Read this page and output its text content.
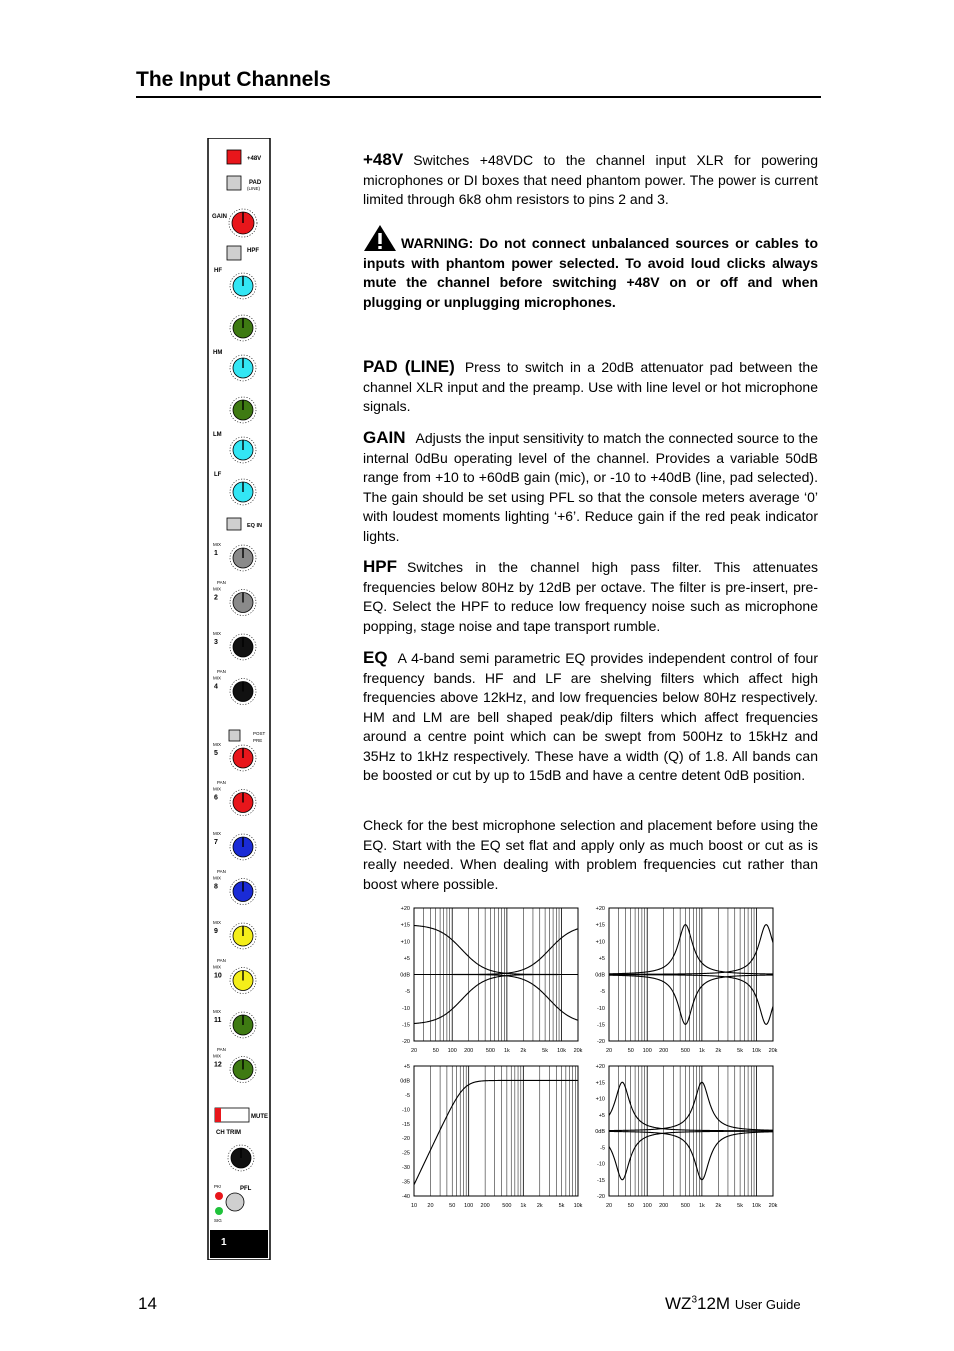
The Input Channels
+48V
PAD
(LINE)
GAIN
HPF
HF
HM
LM
LF
EQ IN
MIX
1
PAN
MIX
2
MIX
3
PAN
MIX
4
MIX
5
PAN
MIX
6
MIX
7
PAN
MIX
8
MIX
9
PAN
MIX
10
MIX
11
PAN
MIX
12
POST
PRE
MUTE
CH TRIM
PK!
SIG
PFL
1

+48V Switches +48VDC to the channel input XLR for powering microphones or DI boxes that need phantom power. The power is current limited through 6k8 ohm resistors to pins 2 and 3.

WARNING: Do not connect unbalanced sources or cables to inputs with phantom power selected. To avoid loud clicks always mute the channel before switching +48V on or off and when plugging or unplugging microphones.

PAD (LINE) Press to switch in a 20dB attenuator pad between the channel XLR input and the preamp. Use with line level or hot microphone signals.

GAIN Adjusts the input sensitivity to match the connected source to the internal 0dBu operating level of the channel. Provides a variable 50dB range from +10 to +60dB gain (mic), or -10 to +40dB (line, pad selected). The gain should be set using PFL so that the console meters average ‘0’ with loudest moments lighting ‘+6’. Reduce gain if the red peak indicator lights.

HPF Switches in the channel high pass filter. This attenuates frequencies below 80Hz by 12dB per octave. The filter is pre-insert, pre-EQ. Select the HPF to reduce low frequency noise such as microphone popping, stage noise and tape transport rumble.

EQ A 4-band semi parametric EQ provides independent control of four frequency bands. HF and LF are shelving filters which affect high frequencies above 12kHz, and low frequencies below 80Hz respectively. HM and LM are bell shaped peak/dip filters which affect frequencies around a centre point which can be swept from 500Hz to 15kHz and 35Hz to 1kHz respectively. These have a width (Q) of 1.8. All bands can be boosted or cut by up to 15dB and have a centre detent 0dB position.

Check for the best microphone selection and placement before using the EQ. Start with the EQ set flat and apply only as much boost or cut as is really needed. When dealing with problem frequencies cut rather than boost where possible.

+20
+15
+10
+5
0dB
-5
-10
-15
-20
20	50 100 200 500 1k 2k	5k 10k 20k
+20
+15
+10
+5
0dB
-5
-10
-15
-20
20	50 100 200 500 1k 2k	5k 10k 20k
+5
0dB
-5
-10
-15
-20
-25
-30
-35
-40
10 20	50 100 200 500 1k 2k	5k 10k
+20
+15
+10
+5
0dB
-5
-10
-15
-20
20	50 100 200 500 1k 2k	5k 10k 20k
14	$WZ^312M$ User Guide
